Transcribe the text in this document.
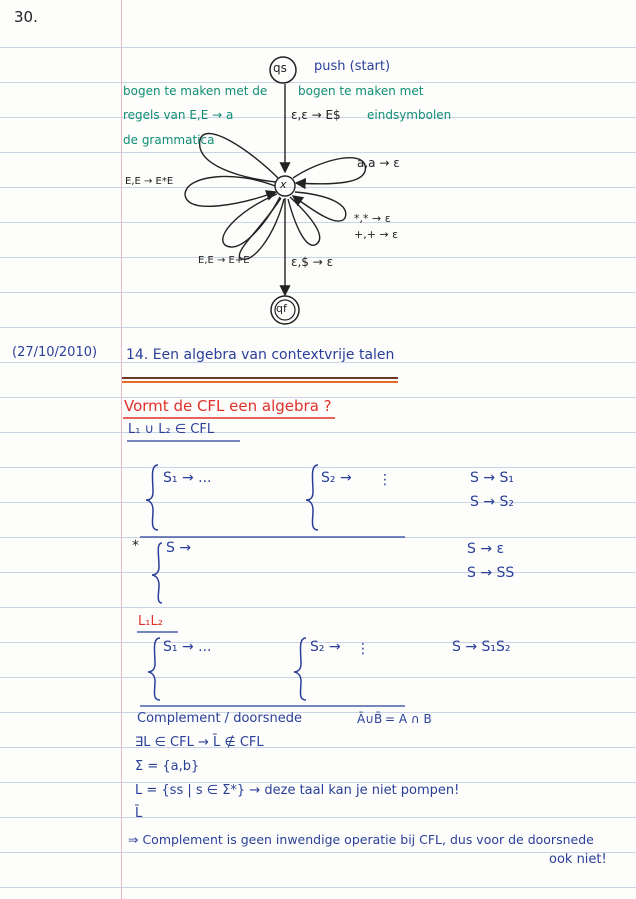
30.
qs
x
qf
push (start)
bogen te maken met de
regels van E,E → a
de grammatica
bogen te maken met
ε,ε → E$ eindsymbolen
a,a → ε
E,E → E*E
*,* → ε
+,+ → ε
E,E → E+E	ε,$ → ε
(27/10/2010) 14. Een algebra van contextvrije talen
Vormt de CFL een algebra ?
L₁ ∪ L₂ ∈ CFL
S₁ → ...	S₂ → ⋮	S → S₁
S → S₂
* S →	S → ε
S → SS
L₁L₂
S₁ → ...	S₂ → ⋮	S → S₁S₂
Complement / doorsnede	Ā∪B̄ = A ∩ B
∃L ∈ CFL → L̄ ∉ CFL
Σ = {a,b}
L = {ss | s ∈ Σ*} → deze taal kan je niet pompen!
L̄
⇒ Complement is geen inwendige operatie bij CFL, dus voor de doorsnede
ook niet!
